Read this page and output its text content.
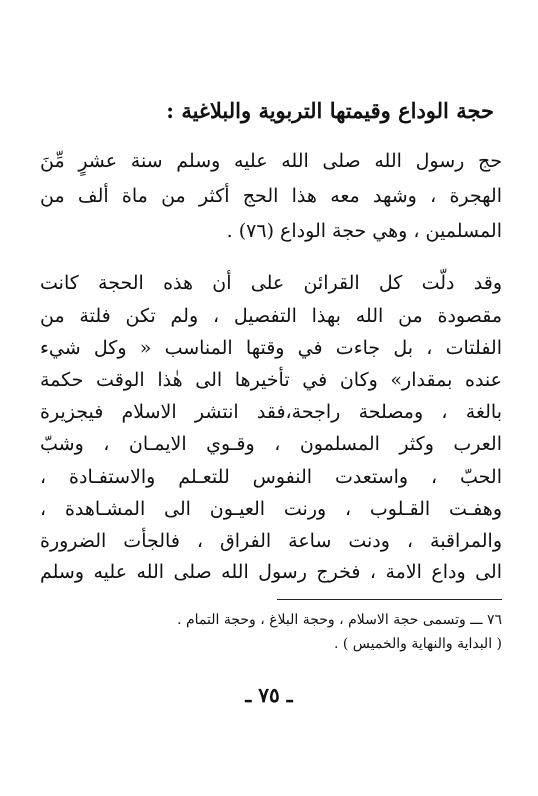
حجة الوداع وقيمتها التربوية والبلاغية :
حج رسول الله صلى الله عليه وسلم سنة عشرٍ مِّنَ
الهجرة ، وشهد معه هذا الحج أكثر من ماة ألف من
المسلمين ، وهي حجة الوداع (٧٦) .
وقد دلّت كل القرائن على أن هذه الحجة كانت
مقصودة من الله بهذا التفصيل ، ولم تكن فلتة من
الفلتات ، بل جاءت في وقتها المناسب « وكل شيء
عنده بمقدار» وكان في تأخيرها الى هٰذا الوقت حكمة
بالغة ، ومصلحة راجحة،فقد انتشر الاسلام فيجزيرة
العرب وكثر المسلمون ، وقـوي الايمـان ، وشبّ
الحبّ ، واستعدت النفوس للتعـلم والاستفـادة ،
وهفـت القـلوب ، ورنت العيـون الى المشـاهدة ،
والمراقبة ، ودنت ساعة الفراق ، فالجأت الضرورة
الى وداع الامة ، فخرج رسول الله صلى الله عليه وسلم
٧٦ ـــ وتسمى حجة الاسلام ، وحجة البلاغ ، وحجة التمام .
( البداية والنهاية والخميس ) .
ـ ٧٥ ـ
